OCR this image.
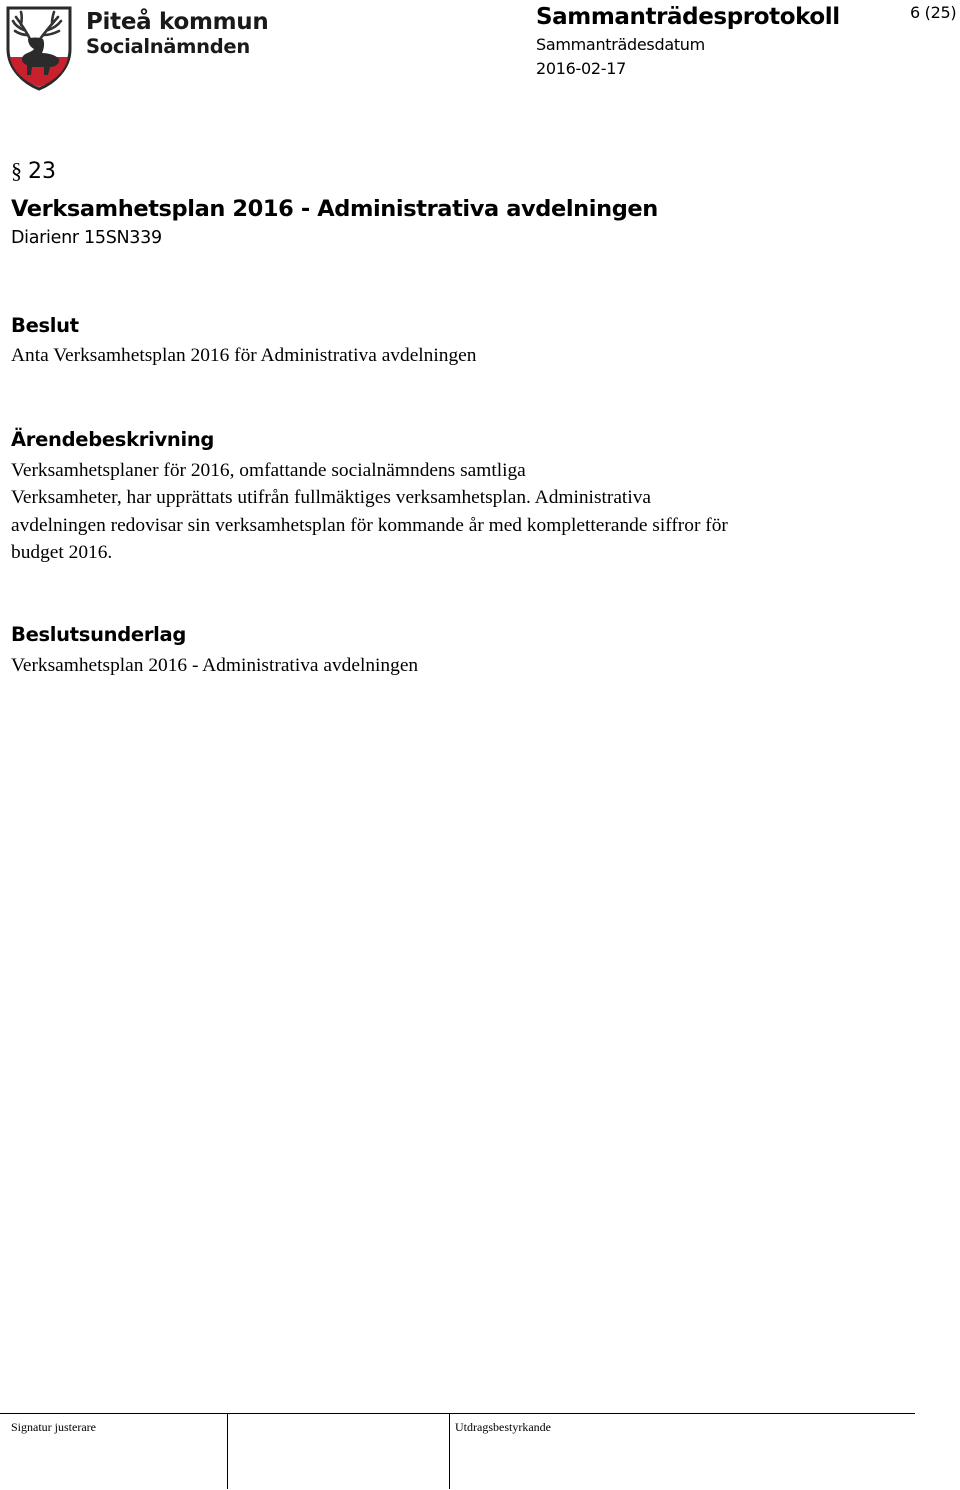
Piteå kommun
Socialnämnden
Sammanträdesprotokoll
Sammanträdesdatum
2016-02-17
6 (25)
§ 23
Verksamhetsplan 2016 - Administrativa avdelningen
Diarienr 15SN339
Beslut
Anta Verksamhetsplan 2016 för Administrativa avdelningen
Ärendebeskrivning
Verksamhetsplaner för 2016, omfattande socialnämndens samtliga
Verksamheter, har upprättats utifrån fullmäktiges verksamhetsplan. Administrativa
avdelningen redovisar sin verksamhetsplan för kommande år med kompletterande siffror för
budget 2016.
Beslutsunderlag
Verksamhetsplan 2016 - Administrativa avdelningen
Signatur justerare	Utdragsbestyrkande
